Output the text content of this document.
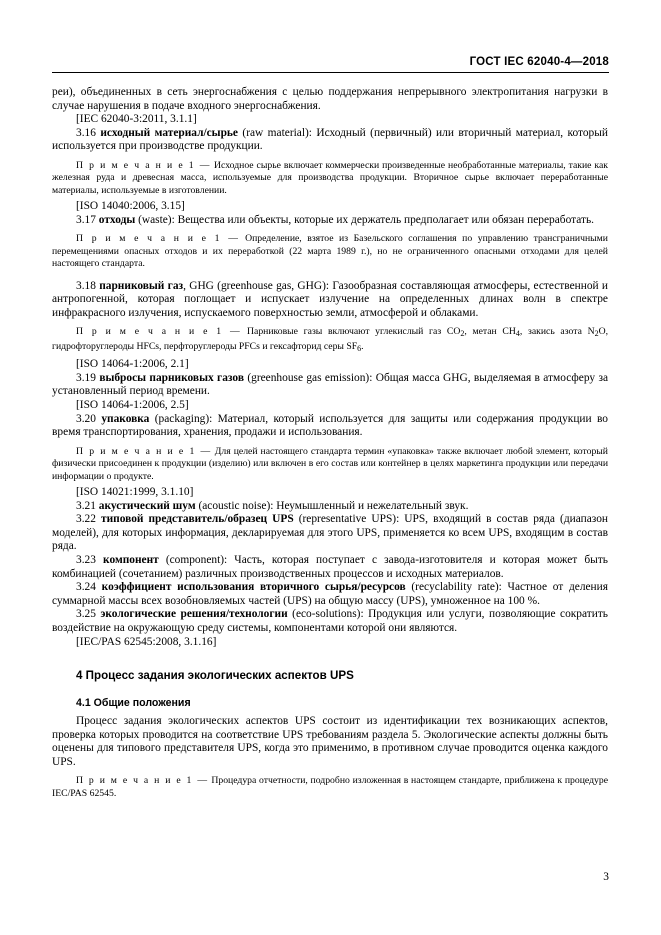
ГОСТ IEC 62040-4—2018

реи), объединенных в сеть энергоснабжения с целью поддержания непрерывного электропитания нагрузки в случае нарушения в подаче входного энергоснабжения.

[IEC 62040-3:2011, 3.1.1]

3.16 исходный материал/сырье (raw material): Исходный (первичный) или вторичный материал, который используется при производстве продукции.

П р и м е ч а н и е 1 — Исходное сырье включает коммерчески произведенные необработанные материалы, такие как железная руда и древесная масса, используемые для производства продукции. Вторичное сырье включает переработанные материалы, используемые в изготовлении.

[ISO 14040:2006, 3.15]

3.17 отходы (waste): Вещества или объекты, которые их держатель предполагает или обязан переработать.

П р и м е ч а н и е 1 — Определение, взятое из Базельского соглашения по управлению трансграничными перемещениями опасных отходов и их переработкой (22 марта 1989 г.), но не ограниченного опасными отходами для целей настоящего стандарта.

3.18 парниковый газ, GHG (greenhouse gas, GHG): Газообразная составляющая атмосферы, естественной и антропогенной, которая поглощает и испускает излучение на определенных длинах волн в спектре инфракрасного излучения, испускаемого поверхностью земли, атмосферой и облаками.

П р и м е ч а н и е 1 — Парниковые газы включают углекислый газ $CO_2$, метан $CH_4$, закись азота $N_2O$, гидрофторуглероды HFCs, перфторуглероды PFCs и гексафторид серы $SF_6$.

[ISO 14064-1:2006, 2.1]

3.19 выбросы парниковых газов (greenhouse gas emission): Общая масса GHG, выделяемая в атмосферу за установленный период времени.

[ISO 14064-1:2006, 2.5]

3.20 упаковка (packaging): Материал, который используется для защиты или содержания продукции во время транспортирования, хранения, продажи и использования.

П р и м е ч а н и е 1 — Для целей настоящего стандарта термин «упаковка» также включает любой элемент, который физически присоединен к продукции (изделию) или включен в его состав или контейнер в целях маркетинга продукции или передачи информации о продукте.

[ISO 14021:1999, 3.1.10]

3.21 акустический шум (acoustic noise): Неумышленный и нежелательный звук.

3.22 типовой представитель/образец UPS (representative UPS): UPS, входящий в состав ряда (диапазон моделей), для которых информация, декларируемая для этого UPS, применяется ко всем UPS, входящим в состав ряда.

3.23 компонент (component): Часть, которая поступает с завода-изготовителя и которая может быть комбинацией (сочетанием) различных производственных процессов и исходных материалов.

3.24 коэффициент использования вторичного сырья/ресурсов (recyclability rate): Частное от деления суммарной массы всех возобновляемых частей (UPS) на общую массу (UPS), умноженное на 100 %.

3.25 экологические решения/технологии (eco-solutions): Продукция или услуги, позволяющие сократить воздействие на окружающую среду системы, компонентами которой они являются.

[IEC/PAS 62545:2008, 3.1.16]

4 Процесс задания экологических аспектов UPS
4.1 Общие положения

Процесс задания экологических аспектов UPS состоит из идентификации тех возникающих аспектов, проверка которых проводится на соответствие UPS требованиям раздела 5. Экологические аспекты должны быть оценены для типового представителя UPS, когда это применимо, в противном случае проводится оценка каждого UPS.

П р и м е ч а н и е 1 — Процедура отчетности, подробно изложенная в настоящем стандарте, приближена к процедуре IEC/PAS 62545.

3
